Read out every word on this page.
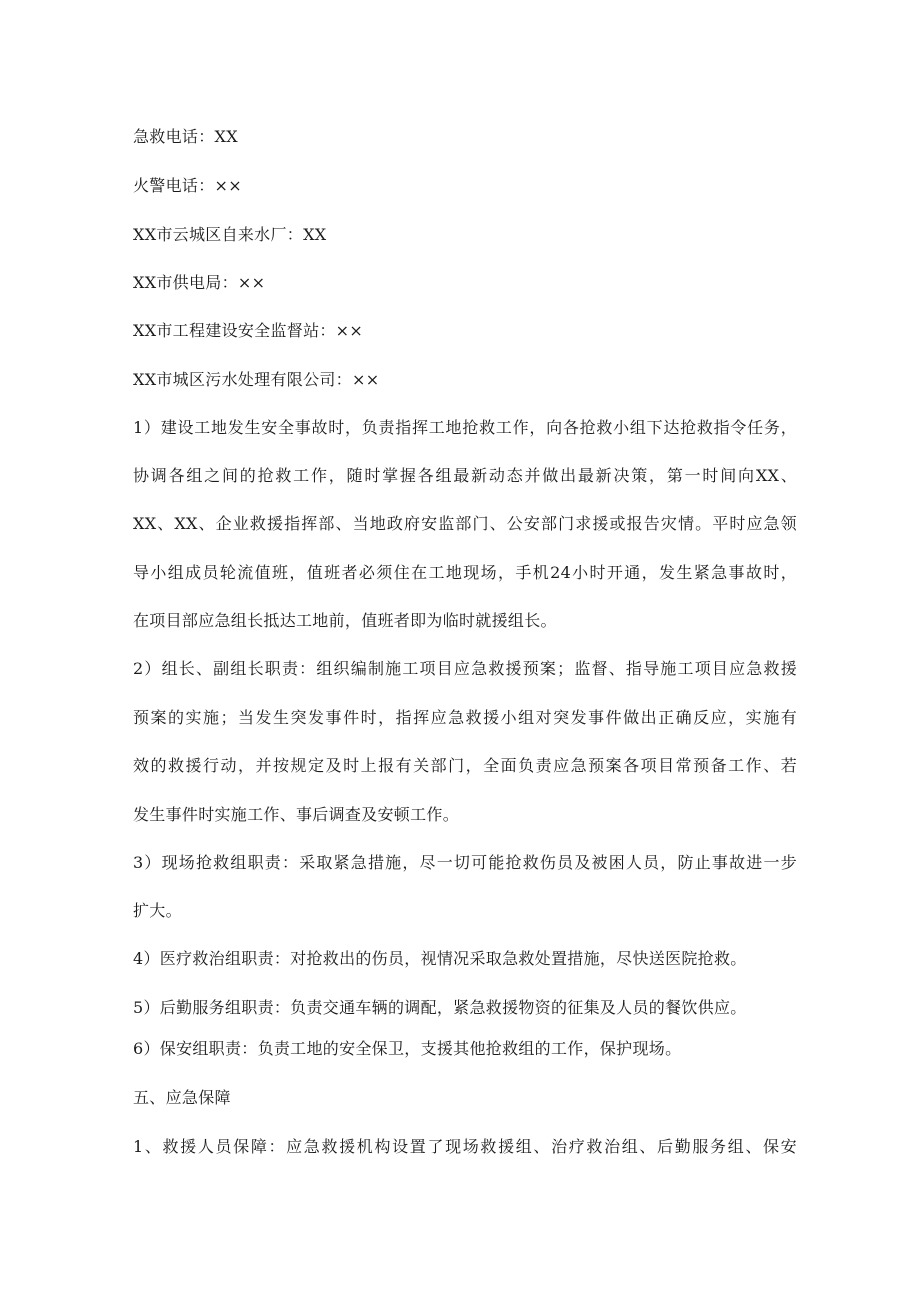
急救电话：XX
火警电话：××
XX市云城区自来水厂：XX
XX市供电局：××
XX市工程建设安全监督站：××
XX市城区污水处理有限公司：××
1）建设工地发生安全事故时，负责指挥工地抢救工作，向各抢救小组下达抢救指令任务，
协调各组之间的抢救工作，随时掌握各组最新动态并做出最新决策，第一时间向XX、
XX、XX、企业救援指挥部、当地政府安监部门、公安部门求援或报告灾情。平时应急领
导小组成员轮流值班，值班者必须住在工地现场，手机24小时开通，发生紧急事故时，
在项目部应急组长抵达工地前，值班者即为临时就援组长。
2）组长、副组长职责：组织编制施工项目应急救援预案；监督、指导施工项目应急救援
预案的实施；当发生突发事件时，指挥应急救援小组对突发事件做出正确反应，实施有
效的救援行动，并按规定及时上报有关部门，全面负责应急预案各项目常预备工作、若
发生事件时实施工作、事后调查及安顿工作。
3）现场抢救组职责：采取紧急措施，尽一切可能抢救伤员及被困人员，防止事故进一步
扩大。
4）医疗救治组职责：对抢救出的伤员，视情况采取急救处置措施，尽快送医院抢救。
5）后勤服务组职责：负责交通车辆的调配，紧急救援物资的征集及人员的餐饮供应。
6）保安组职责：负责工地的安全保卫，支援其他抢救组的工作，保护现场。
五、应急保障
1、救援人员保障：应急救援机构设置了现场救援组、治疗救治组、后勤服务组、保安
